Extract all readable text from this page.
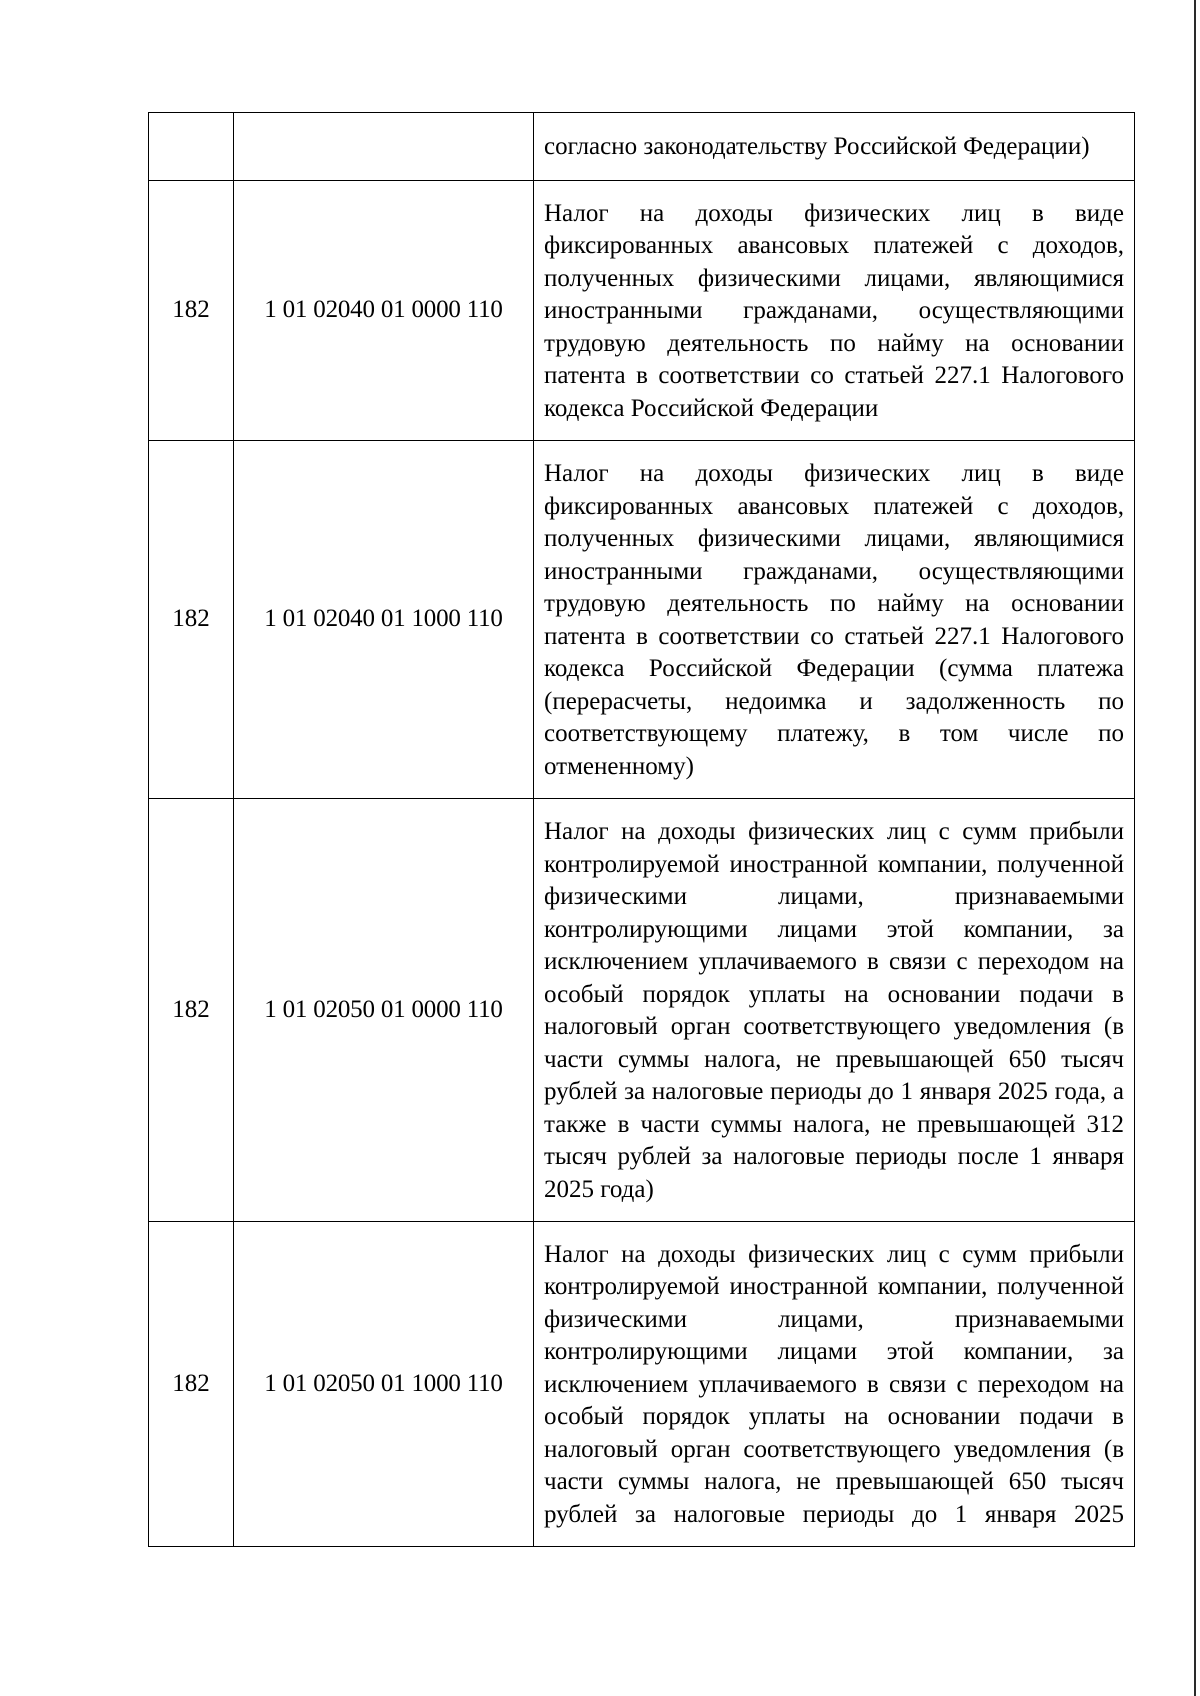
		согласно законодательству Российской Федерации)
182	1 01 02040 01 0000 110	Налог на доходы физических лиц в виде фиксированных авансовых платежей с доходов, полученных физическими лицами, являющимися иностранными гражданами, осуществляющими трудовую деятельность по найму на основании патента в соответствии со статьей 227.1 Налогового кодекса Российской Федерации
182	1 01 02040 01 1000 110	Налог на доходы физических лиц в виде фиксированных авансовых платежей с доходов, полученных физическими лицами, являющимися иностранными гражданами, осуществляющими трудовую деятельность по найму на основании патента в соответствии со статьей 227.1 Налогового кодекса Российской Федерации (сумма платежа (перерасчеты, недоимка и задолженность по соответствующему платежу, в том числе по отмененному)
182	1 01 02050 01 0000 110	Налог на доходы физических лиц с сумм прибыли контролируемой иностранной компании, полученной физическими лицами, признаваемыми контролирующими лицами этой компании, за исключением уплачиваемого в связи с переходом на особый порядок уплаты на основании подачи в налоговый орган соответствующего уведомления (в части суммы налога, не превышающей 650 тысяч рублей за налоговые периоды до 1 января 2025 года, а также в части суммы налога, не превышающей 312 тысяч рублей за налоговые периоды после 1 января 2025 года)
182	1 01 02050 01 1000 110	Налог на доходы физических лиц с сумм прибыли контролируемой иностранной компании, полученной физическими лицами, признаваемыми контролирующими лицами этой компании, за исключением уплачиваемого в связи с переходом на особый порядок уплаты на основании подачи в налоговый орган соответствующего уведомления (в части суммы налога, не превышающей 650 тысяч рублей за налоговые периоды до 1 января 2025
